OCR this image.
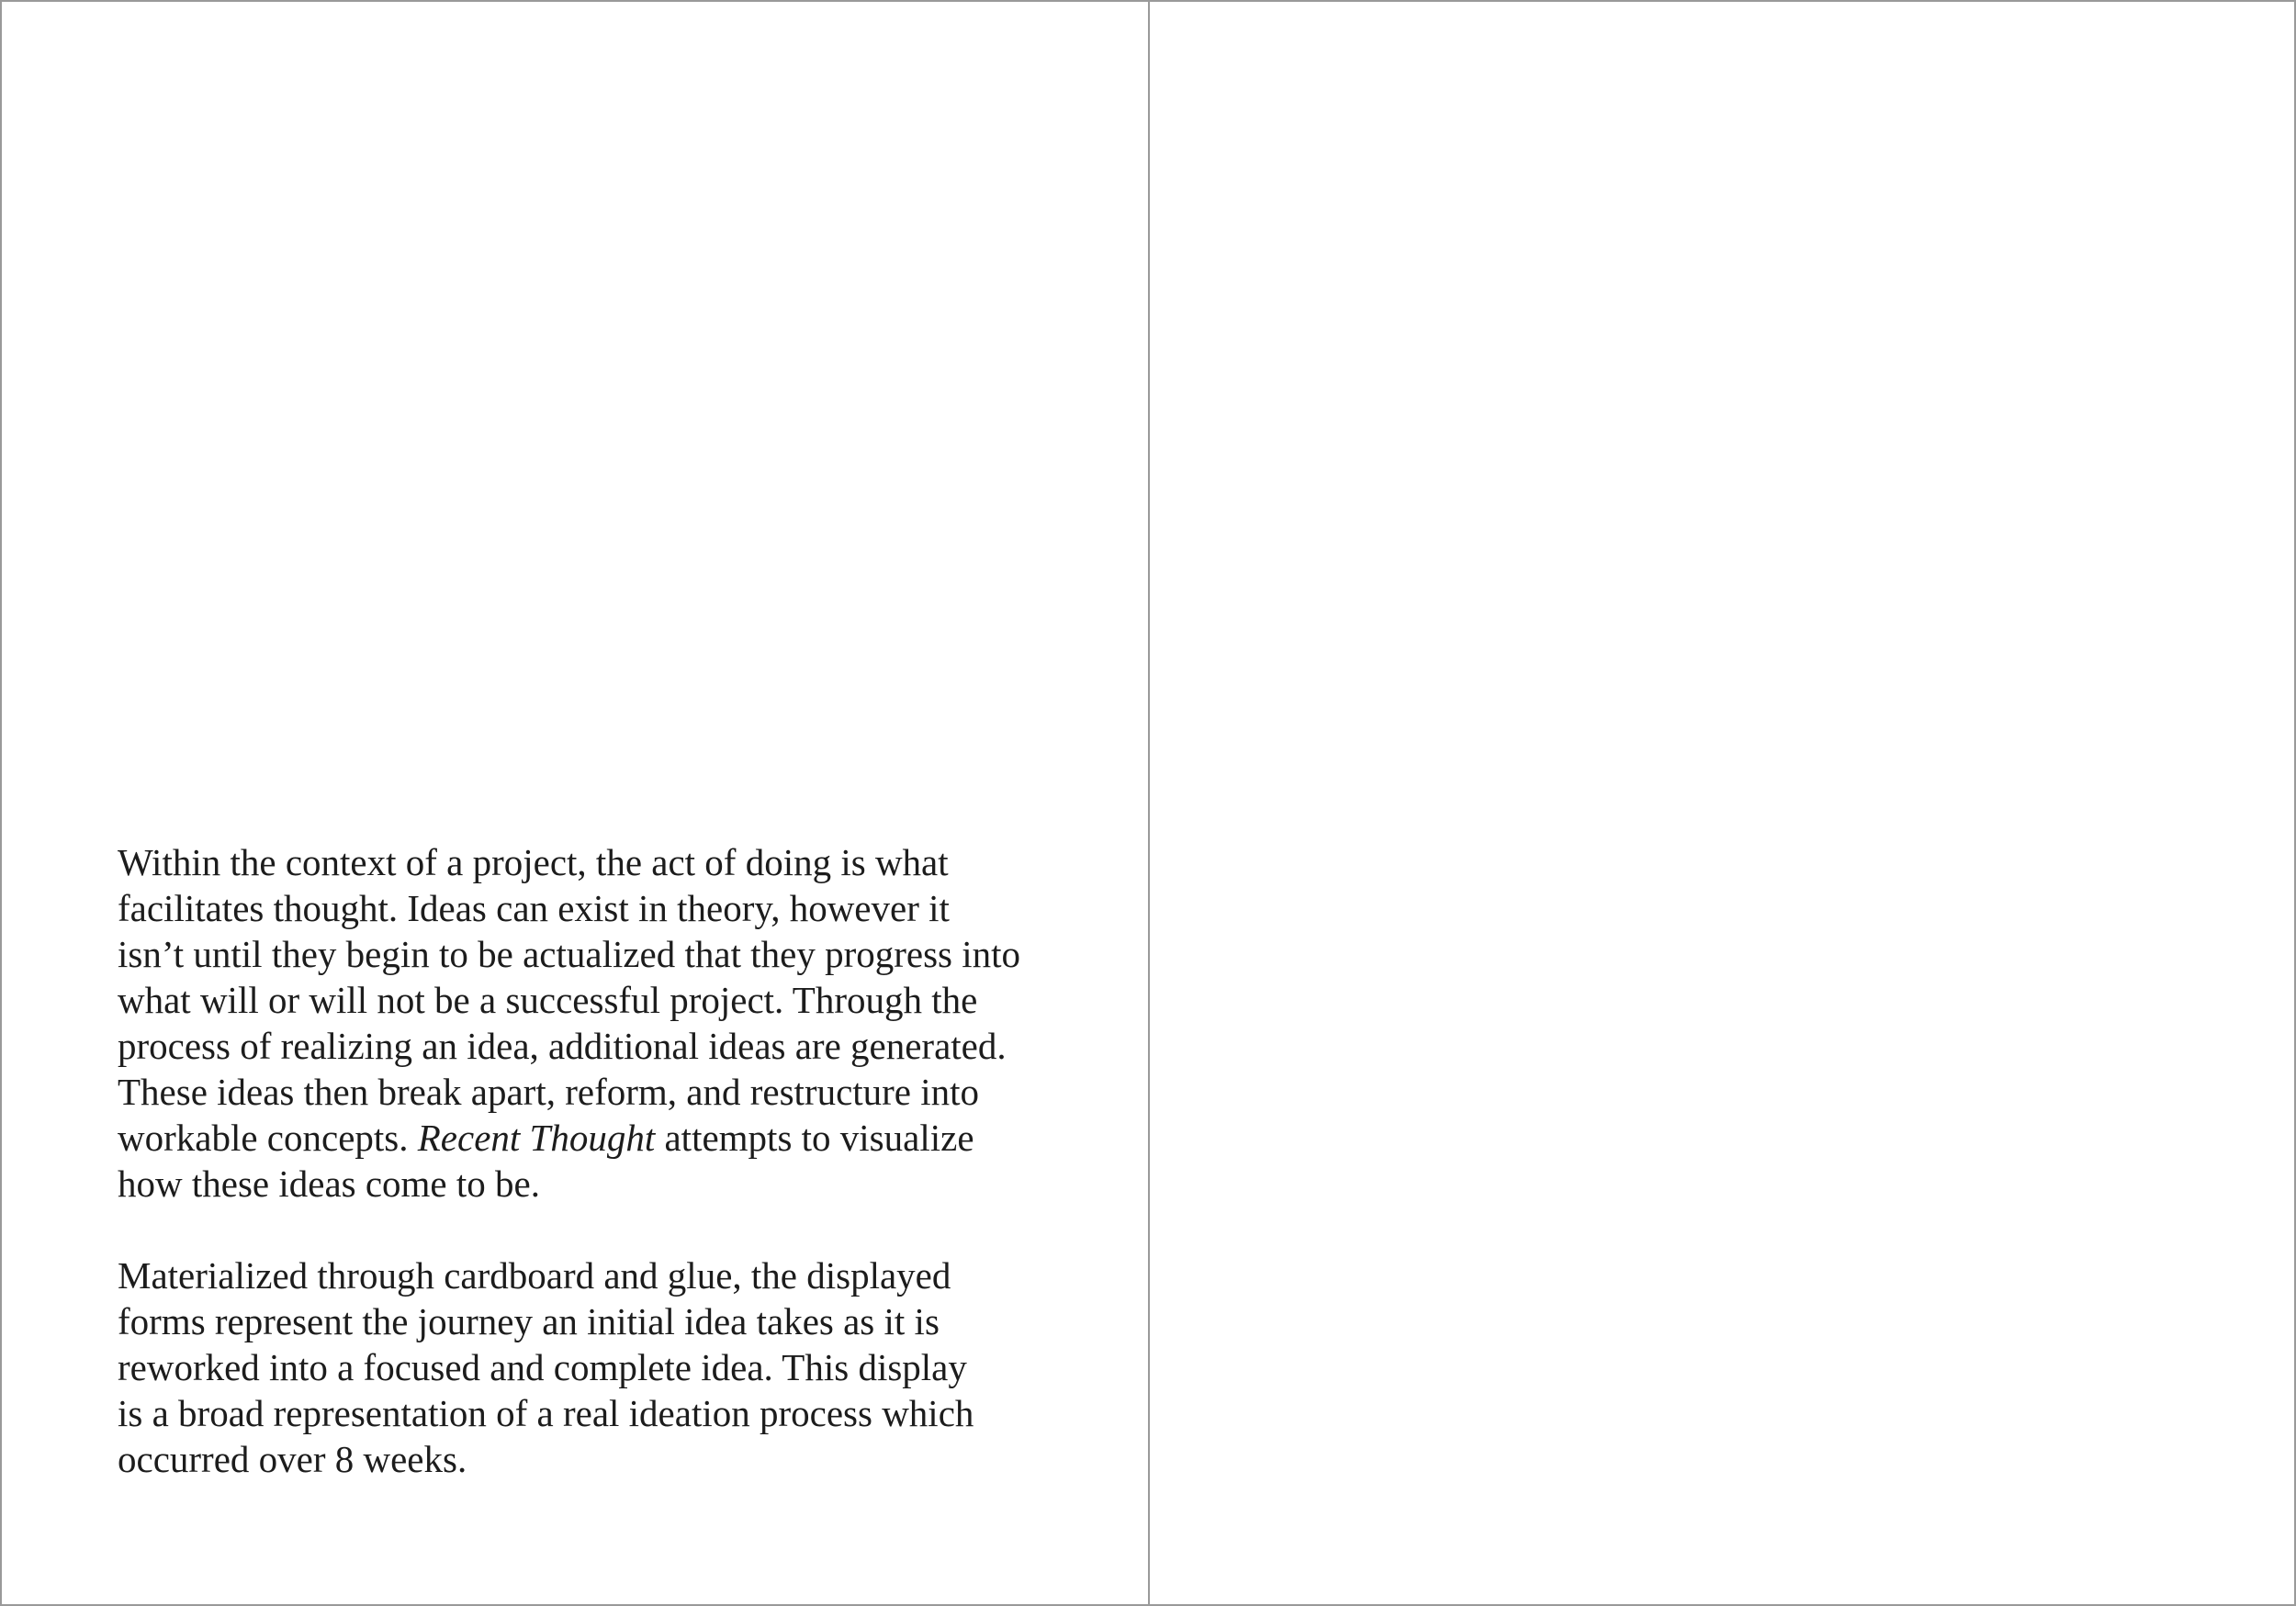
Within the context of a project, the act of doing is what
facilitates thought. Ideas can exist in theory, however it
isn’t until they begin to be actualized that they progress into
what will or will not be a successful project. Through the
process of realizing an idea, additional ideas are generated.
These ideas then break apart, reform, and restructure into
workable concepts. Recent Thought attempts to visualize
how these ideas come to be.

Materialized through cardboard and glue, the displayed
forms represent the journey an initial idea takes as it is
reworked into a focused and complete idea. This display
is a broad representation of a real ideation process which
occurred over 8 weeks.
